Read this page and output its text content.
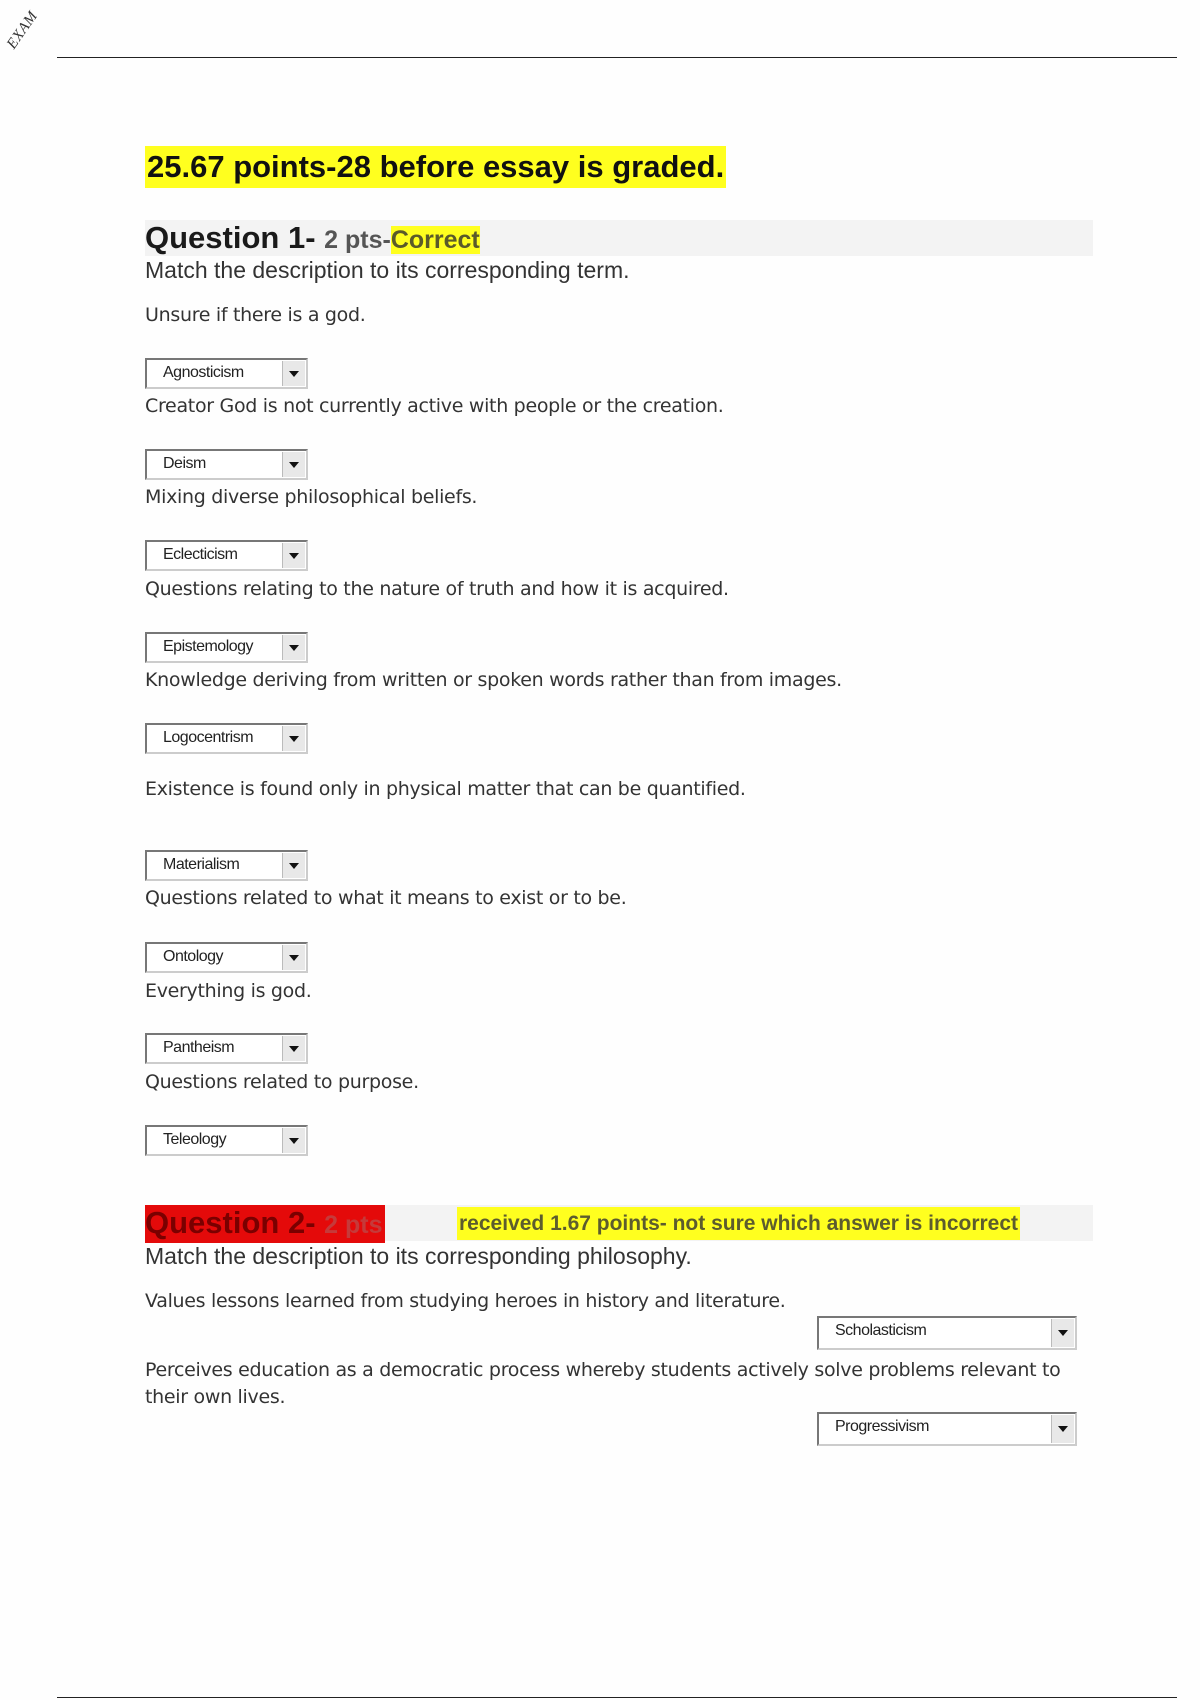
EXAM
25.67 points-28 before essay is graded.
Question 1- 2 pts-Correct
Match the description to its corresponding term.
Unsure if there is a god.
Agnosticism
Creator God is not currently active with people or the creation.
Deism
Mixing diverse philosophical beliefs.
Eclecticism
Questions relating to the nature of truth and how it is acquired.
Epistemology
Knowledge deriving from written or spoken words rather than from images.
Logocentrism
Existence is found only in physical matter that can be quantified.
Materialism
Questions related to what it means to exist or to be.
Ontology
Everything is god.
Pantheism
Questions related to purpose.
Teleology
Question 2- 2 pts	received 1.67 points- not sure which answer is incorrect
Match the description to its corresponding philosophy.
Values lessons learned from studying heroes in history and literature.
Scholasticism
Perceives education as a democratic process whereby students actively solve problems relevant to their own lives.
Progressivism
